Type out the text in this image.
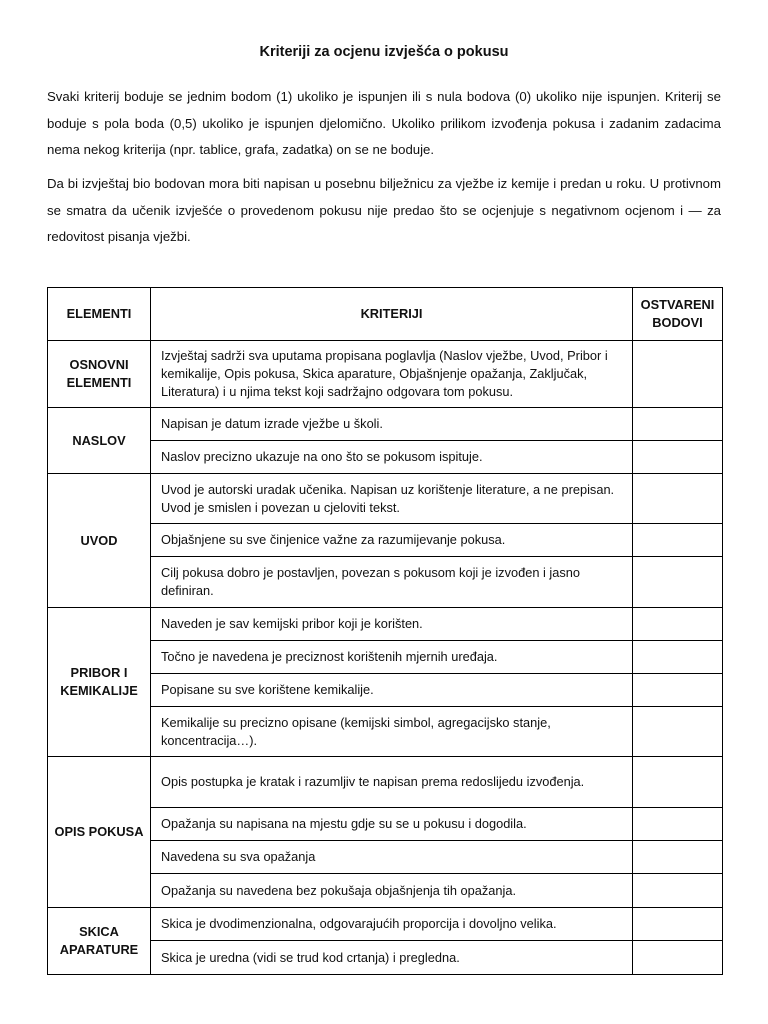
Kriteriji za ocjenu izvješća o pokusu

Svaki kriterij boduje se jednim bodom (1) ukoliko je ispunjen ili s nula bodova (0) ukoliko nije ispunjen. Kriterij se boduje s pola boda (0,5) ukoliko je ispunjen djelomično. Ukoliko prilikom izvođenja pokusa i zadanim zadacima nema nekog kriterija (npr. tablice, grafa, zadatka) on se ne boduje.

Da bi izvještaj bio bodovan mora biti napisan u posebnu bilježnicu za vježbe iz kemije i predan u roku. U protivnom se smatra da učenik izvješće o provedenom pokusu nije predao što se ocjenjuje s negativnom ocjenom i — za redovitost pisanja vježbi.

ELEMENTI	KRITERIJI	OSTVARENI BODOVI
OSNOVNI ELEMENTI	Izvještaj sadrži sva uputama propisana poglavlja (Naslov vježbe, Uvod, Pribor i kemikalije, Opis pokusa, Skica aparature, Objašnjenje opažanja, Zaključak, Literatura) i u njima tekst koji sadržajno odgovara tom pokusu.	
NASLOV	Napisan je datum izrade vježbe u školi.	
	Naslov precizno ukazuje na ono što se pokusom ispituje.	
UVOD	Uvod je autorski uradak učenika. Napisan uz korištenje literature, a ne prepisan. Uvod je smislen i povezan u cjeloviti tekst.	
	Objašnjene su sve činjenice važne za razumijevanje pokusa.	
	Cilj pokusa dobro je postavljen, povezan s pokusom koji je izvođen i jasno definiran.	
PRIBOR I KEMIKALIJE	Naveden je sav kemijski pribor koji je korišten.	
	Točno je navedena je preciznost korištenih mjernih uređaja.	
	Popisane su sve korištene kemikalije.	
	Kemikalije su precizno opisane (kemijski simbol, agregacijsko stanje, koncentracija…).	
OPIS POKUSA	Opis postupka je kratak i razumljiv te napisan prema redoslijedu izvođenja.	
	Opažanja su napisana na mjestu gdje su se u pokusu i dogodila.	
	Navedena su sva opažanja	
	Opažanja su navedena bez pokušaja objašnjenja tih opažanja.	
SKICA APARATURE	Skica je dvodimenzionalna, odgovarajućih proporcija i dovoljno velika.	
	Skica je uredna (vidi se trud kod crtanja) i pregledna.	
